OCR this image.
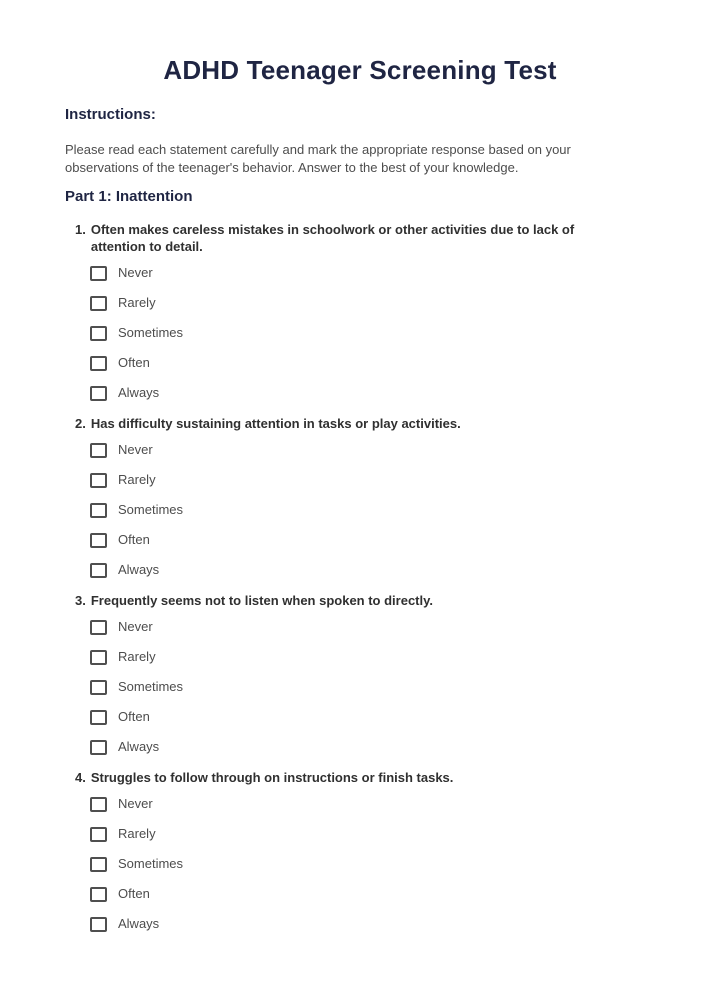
ADHD Teenager Screening Test
Instructions:

Please read each statement carefully and mark the appropriate response based on your observations of the teenager's behavior. Answer to the best of your knowledge.

Part 1: Inattention
1. Often makes careless mistakes in schoolwork or other activities due to lack of attention to detail.
Never
Rarely
Sometimes
Often
Always
2. Has difficulty sustaining attention in tasks or play activities.
Never
Rarely
Sometimes
Often
Always
3. Frequently seems not to listen when spoken to directly.
Never
Rarely
Sometimes
Often
Always
4. Struggles to follow through on instructions or finish tasks.
Never
Rarely
Sometimes
Often
Always
